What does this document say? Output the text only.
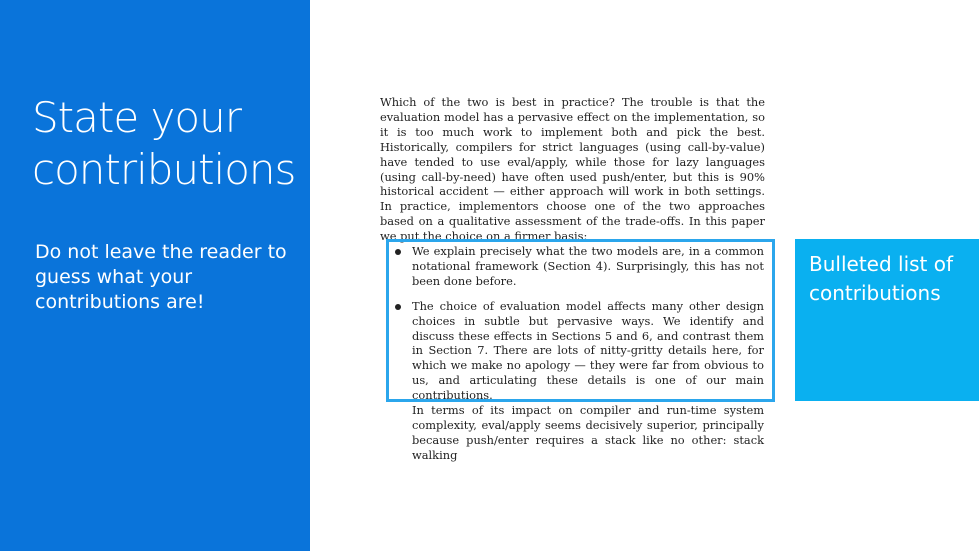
State your contributions
Do not leave the reader to guess what your contributions are!

Which of the two is best in practice? The trouble is that the evaluation model has a pervasive effect on the implementation, so it is too much work to implement both and pick the best. Historically, compilers for strict languages (using call-by-value) have tended to use eval/apply, while those for lazy languages (using call-by-need) have often used push/enter, but this is 90% historical accident — either approach will work in both settings. In practice, implementors choose one of the two approaches based on a qualitative assessment of the trade-offs. In this paper we put the choice on a firmer basis:

We explain precisely what the two models are, in a common notational framework (Section 4). Surprisingly, this has not been done before.
The choice of evaluation model affects many other design choices in subtle but pervasive ways. We identify and discuss these effects in Sections 5 and 6, and contrast them in Section 7. There are lots of nitty-gritty details here, for which we make no apology — they were far from obvious to us, and articulating these details is one of our main contributions.
In terms of its impact on compiler and run-time system complexity, eval/apply seems decisively superior, principally because push/enter requires a stack like no other: stack walking
Bulleted list of contributions
